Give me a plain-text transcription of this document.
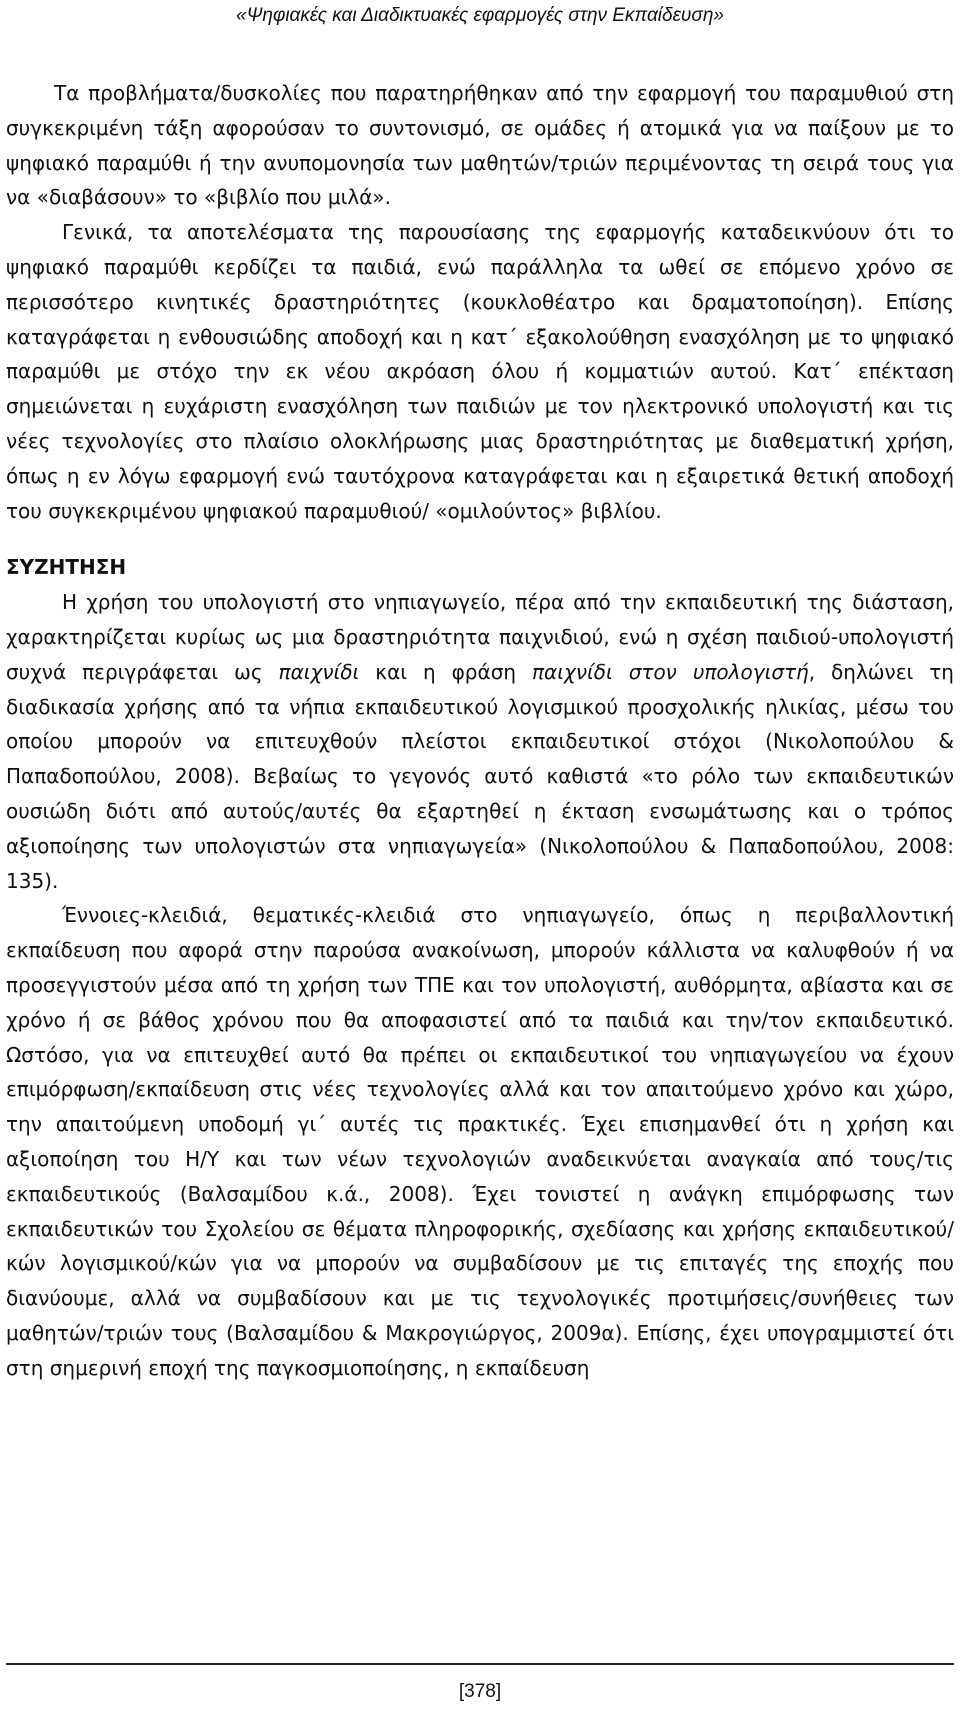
«Ψηφιακές και Διαδικτυακές εφαρμογές στην Εκπαίδευση»

Τα προβλήματα/δυσκολίες που παρατηρήθηκαν από την εφαρμογή του παραμυθιού στη συγκεκριμένη τάξη αφορούσαν το συντονισμό, σε ομάδες ή ατομικά για να παίξουν με το ψηφιακό παραμύθι ή την ανυπομονησία των μαθητών/τριών περιμένοντας τη σειρά τους για να «διαβάσουν» το «βιβλίο που μιλά».

Γενικά, τα αποτελέσματα της παρουσίασης της εφαρμογής καταδεικνύουν ότι το ψηφιακό παραμύθι κερδίζει τα παιδιά, ενώ παράλληλα τα ωθεί σε επόμενο χρόνο σε περισσότερο κινητικές δραστηριότητες (κουκλοθέατρο και δραματοποίηση). Επίσης καταγράφεται η ενθουσιώδης αποδοχή και η κατ΄ εξακολούθηση ενασχόληση με το ψηφιακό παραμύθι με στόχο την εκ νέου ακρόαση όλου ή κομματιών αυτού. Κατ΄ επέκταση σημειώνεται η ευχάριστη ενασχόληση των παιδιών με τον ηλεκτρονικό υπολογιστή και τις νέες τεχνολογίες στο πλαίσιο ολοκλήρωσης μιας δραστηριότητας με διαθεματική χρήση, όπως η εν λόγω εφαρμογή ενώ ταυτόχρονα καταγράφεται και η εξαιρετικά θετική αποδοχή του συγκεκριμένου ψηφιακού παραμυθιού/ «ομιλούντος» βιβλίου.

ΣΥΖΗΤΗΣΗ

Η χρήση του υπολογιστή στο νηπιαγωγείο, πέρα από την εκπαιδευτική της διάσταση, χαρακτηρίζεται κυρίως ως μια δραστηριότητα παιχνιδιού, ενώ η σχέση παιδιού-υπολογιστή συχνά περιγράφεται ως παιχνίδι και η φράση παιχνίδι στον υπολογιστή, δηλώνει τη διαδικασία χρήσης από τα νήπια εκπαιδευτικού λογισμικού προσχολικής ηλικίας, μέσω του οποίου μπορούν να επιτευχθούν πλείστοι εκπαιδευτικοί στόχοι (Νικολοπούλου & Παπαδοπούλου, 2008). Βεβαίως το γεγονός αυτό καθιστά «το ρόλο των εκπαιδευτικών ουσιώδη διότι από αυτούς/αυτές θα εξαρτηθεί η έκταση ενσωμάτωσης και ο τρόπος αξιοποίησης των υπολογιστών στα νηπιαγωγεία» (Νικολοπούλου & Παπαδοπούλου, 2008: 135).

Έννοιες-κλειδιά, θεματικές-κλειδιά στο νηπιαγωγείο, όπως η περιβαλλοντική εκπαίδευση που αφορά στην παρούσα ανακοίνωση, μπορούν κάλλιστα να καλυφθούν ή να προσεγγιστούν μέσα από τη χρήση των ΤΠΕ και τον υπολογιστή, αυθόρμητα, αβίαστα και σε χρόνο ή σε βάθος χρόνου που θα αποφασιστεί από τα παιδιά και την/τον εκπαιδευτικό. Ωστόσο, για να επιτευχθεί αυτό θα πρέπει οι εκπαιδευτικοί του νηπιαγωγείου να έχουν επιμόρφωση/εκπαίδευση στις νέες τεχνολογίες αλλά και τον απαιτούμενο χρόνο και χώρο, την απαιτούμενη υποδομή γι΄ αυτές τις πρακτικές. Έχει επισημανθεί ότι η χρήση και αξιοποίηση του Η/Υ και των νέων τεχνολογιών αναδεικνύεται αναγκαία από τους/τις εκπαιδευτικούς (Βαλσαμίδου κ.ά., 2008). Έχει τονιστεί η ανάγκη επιμόρφωσης των εκπαιδευτικών του Σχολείου σε θέματα πληροφορικής, σχεδίασης και χρήσης εκπαιδευτικού/κών λογισμικού/κών για να μπορούν να συμβαδίσουν με τις επιταγές της εποχής που διανύουμε, αλλά να συμβαδίσουν και με τις τεχνολογικές προτιμήσεις/συνήθειες των μαθητών/τριών τους (Βαλσαμίδου & Μακρογιώργος, 2009α). Επίσης, έχει υπογραμμιστεί ότι στη σημερινή εποχή της παγκοσμιοποίησης, η εκπαίδευση

[378]
